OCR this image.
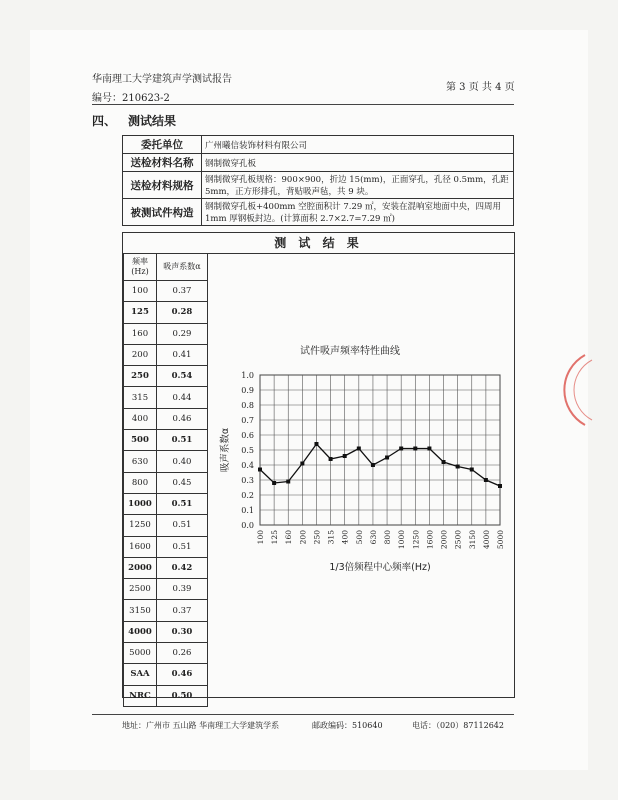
华南理工大学建筑声学测试报告
编号：210623-2
第 3 页 共 4 页
四、 测试结果
委托单位	广州曦信装饰材料有限公司
送检材料名称	钢制微穿孔板
送检材料规格	钢制微穿孔板规格：900×900，折边 15(mm)，正面穿孔，孔径 0.5mm，孔距 5mm，正方形排孔，背贴吸声毡，共 9 块。
被测试件构造	钢制微穿孔板+400mm 空腔面积计 7.29 ㎡，安装在混响室地面中央，四周用 1mm 厚钢板封边。(计算面积 2.7×2.7=7.29 ㎡)
测 试 结 果
频率(Hz)	吸声系数α
100	0.37
125	0.28
160	0.29
200	0.41
250	0.54
315	0.44
400	0.46
500	0.51
630	0.40
800	0.45
1000	0.51
1250	0.51
1600	0.51
2000	0.42
2500	0.39
3150	0.37
4000	0.30
5000	0.26
SAA	0.46
NRC	0.50
试件吸声频率特性曲线
0.0
0.1
0.2
0.3
0.4
0.5
0.6
0.7
0.8
0.9
1.0
100 125 160 200 250 315 400 500 630 800 1000 1250 1600 2000 2500 3150 4000 5000
吸声系数α
1/3倍频程中心频率(Hz)
地址：广州市 五山路 华南理工大学建筑学系	邮政编码：510640	电话：（020）87112642
